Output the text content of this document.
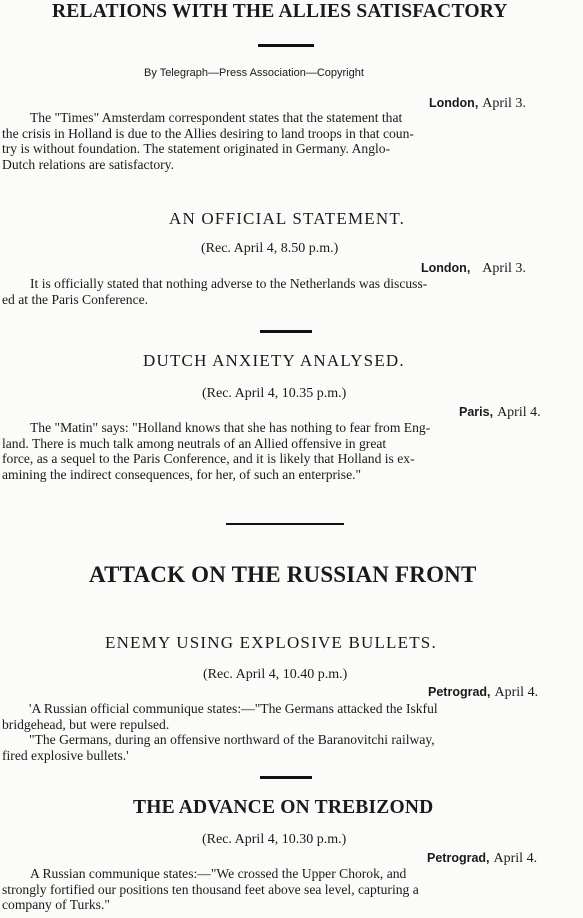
RELATIONS WITH THE ALLIES SATISFACTORY
By Telegraph—Press Association—Copyright
London, April 3.
The "Times" Amsterdam correspondent states that the statement that
the crisis in Holland is due to the Allies desiring to land troops in that coun-
try is without foundation. The statement originated in Germany. Anglo-
Dutch relations are satisfactory.
AN OFFICIAL STATEMENT.
(Rec. April 4, 8.50 p.m.)
London, April 3.
It is officially stated that nothing adverse to the Netherlands was discuss-
ed at the Paris Conference.
DUTCH ANXIETY ANALYSED.
(Rec. April 4, 10.35 p.m.)
Paris, April 4.
The "Matin" says: "Holland knows that she has nothing to fear from Eng-
land. There is much talk among neutrals of an Allied offensive in great
force, as a sequel to the Paris Conference, and it is likely that Holland is ex-
amining the indirect consequences, for her, of such an enterprise."
ATTACK ON THE RUSSIAN FRONT
ENEMY USING EXPLOSIVE BULLETS.
(Rec. April 4, 10.40 p.m.)
Petrograd, April 4.
'A Russian official communique states:—"The Germans attacked the Iskful
bridgehead, but were repulsed.
"The Germans, during an offensive northward of the Baranovitchi railway,
fired explosive bullets.'
THE ADVANCE ON TREBIZOND
(Rec. April 4, 10.30 p.m.)
Petrograd, April 4.
A Russian communique states:—"We crossed the Upper Chorok, and
strongly fortified our positions ten thousand feet above sea level, capturing a
company of Turks."
